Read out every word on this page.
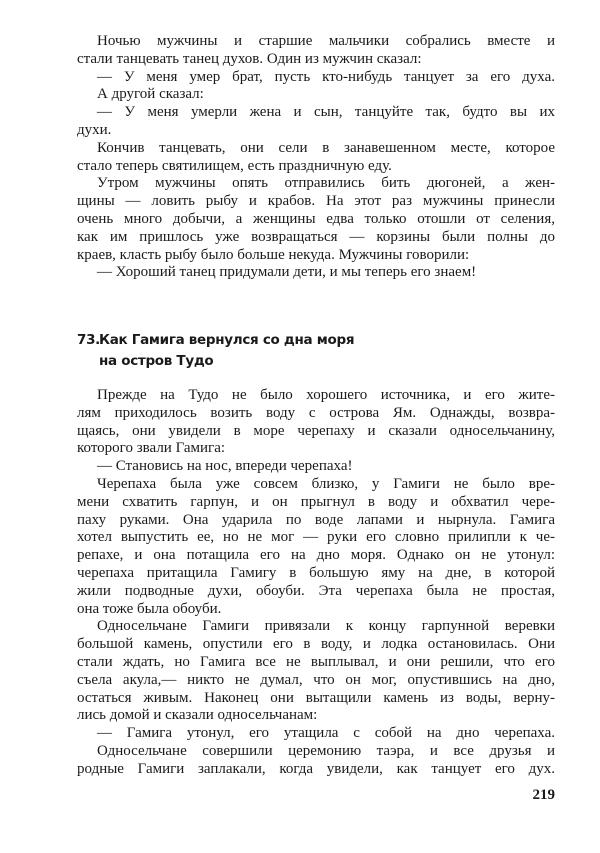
Ночью мужчины и старшие мальчики собрались вместе и
стали танцевать танец духов. Один из мужчин сказал:
— У меня умер брат, пусть кто-нибудь танцует за его духа.
А другой сказал:
— У меня умерли жена и сын, танцуйте так, будто вы их
духи.
Кончив танцевать, они сели в занавешенном месте, которое
стало теперь святилищем, есть праздничную еду.
Утром мужчины опять отправились бить дюгоней, а жен-
щины — ловить рыбу и крабов. На этот раз мужчины принесли
очень много добычи, а женщины едва только отошли от селения,
как им пришлось уже возвращаться — корзины были полны до
краев, класть рыбу было больше некуда. Мужчины говорили:
— Хороший танец придумали дети, и мы теперь его знаем!
73.Как Гамига вернулся со дна моря
на остров Тудо
Прежде на Тудо не было хорошего источника, и его жите-
лям приходилось возить воду с острова Ям. Однажды, возвра-
щаясь, они увидели в море черепаху и сказали односельчанину,
которого звали Гамига:
— Становись на нос, впереди черепаха!
Черепаха была уже совсем близко, у Гамиги не было вре-
мени схватить гарпун, и он прыгнул в воду и обхватил чере-
паху руками. Она ударила по воде лапами и нырнула. Гамига
хотел выпустить ее, но не мог — руки его словно прилипли к че-
репахе, и она потащила его на дно моря. Однако он не утонул:
черепаха притащила Гамигу в большую яму на дне, в которой
жили подводные духи, обоуби. Эта черепаха была не простая,
она тоже была обоуби.
Односельчане Гамиги привязали к концу гарпунной веревки
большой камень, опустили его в воду, и лодка остановилась. Они
стали ждать, но Гамига все не выплывал, и они решили, что его
съела акула,— никто не думал, что он мог, опустившись на дно,
остаться живым. Наконец они вытащили камень из воды, верну-
лись домой и сказали односельчанам:
— Гамига утонул, его утащила с собой на дно черепаха.
Односельчане совершили церемонию таэра, и все друзья и
родные Гамиги заплакали, когда увидели, как танцует его дух.
219
